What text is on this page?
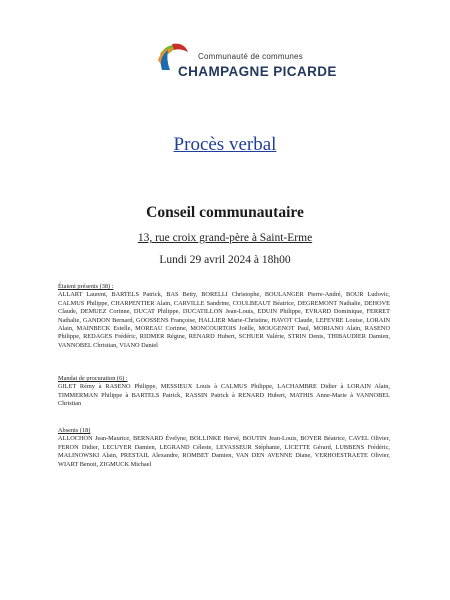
Communauté de communes
CHAMPAGNE PICARDE
Procès verbal
Conseil communautaire
13, rue croix grand-père à Saint-Erme
Lundi 29 avril 2024 à 18h00
Étaient présents (38) :
ALLART Laurent, BARTELS Patrick, BAS Betty, BORELLI Christophe, BOULANGER Pierre-André, BOUR Ludovic, CALMUS Philippe, CHARPENTIER Alain, CARVILLE Sandrine, COULBEAUT Béatrice, DEGREMONT Nathalie, DEHOVE Claude, DEMUEZ Corinne, DUCAT Philippe, DUCATILLON Jean-Louis, EDUIN Philippe, EVRARD Dominique, FERRET Nathalie, GANDON Bernard, GOOSSENS Françoise, HALLIER Marie-Christine, HAVOT Claude, LEFEVRE Louise, LORAIN Alain, MAINBECK Estelle, MOREAU Corinne, MONCOURTOIS Joëlle, MOUGENOT Paul, MORIANO Alain, RASENO Philippe, REDAGES Frédéric, RIDMER Régine, RENARD Hubert, SCHUER Valérie, STRIN Denis, THIBAUDIER Damien, VANNOBEL Christian, VIANO Daniel
Mandat de procuration (6) :
GILET Rémy à RASENO Philippe, MESSIEUX Louis à CALMUS Philippe, LACHAMBRE Didier à LORAIN Alain, TIMMERMAN Philippe à BARTELS Patrick, RASSIN Patrick à RENARD Hubert, MATHIS Anne-Marie à VANNOBEL Christian
Absents (18)
ALLOCHON Jean-Maurice, BERNARD Évelyne, BOLLINKE Hervé, BOUTIN Jean-Louis, BOYER Béatrice, CAVEL Olivier, FERON Didier, LECUYER Damien, LEGRAND Céleste, LEVASSEUR Stéphanie, LICETTE Gérard, LUBBENS Frédéric, MALINOWSKI Alain, PRESTAIL Alexandre, ROMBET Damien, VAN DEN AVENNE Diane, VERHOESTRAETE Olivier, WIART Benoit, ZIGMUCK Michael
